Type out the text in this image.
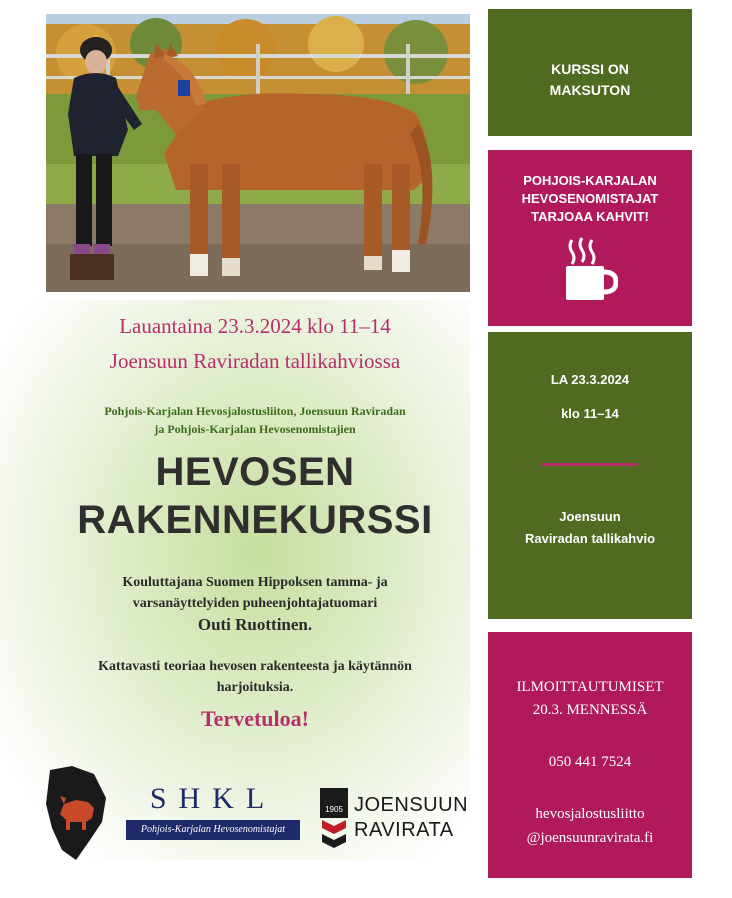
Lauantaina 23.3.2024 klo 11–14
Joensuun Raviradan tallikahviossa
Pohjois-Karjalan Hevosjalostusliiton, Joensuun Raviradan
ja Pohjois-Karjalan Hevosenomistajien
HEVOSEN
RAKENNEKURSSI
Kouluttajana Suomen Hippoksen tamma- ja
varsanäyttelyiden puheenjohtajatuomari
Outi Ruottinen.
Kattavasti teoriaa hevosen rakenteesta ja käytännön
harjoituksia.
Tervetuloa!
KURSSI ON
MAKSUTON
POHJOIS-KARJALAN
HEVOSENOMISTAJAT
TARJOAA KAHVIT!
LA 23.3.2024
klo 11–14
Joensuun
Raviradan tallikahvio
ILMOITTAUTUMISET
20.3. MENNESSÄ
050 441 7524
hevosjalostusliitto
@joensuunravirata.fi
SHKL
Pohjois-Karjalan Hevosenomistajat
1905 JOENSUUN
RAVIRATA
